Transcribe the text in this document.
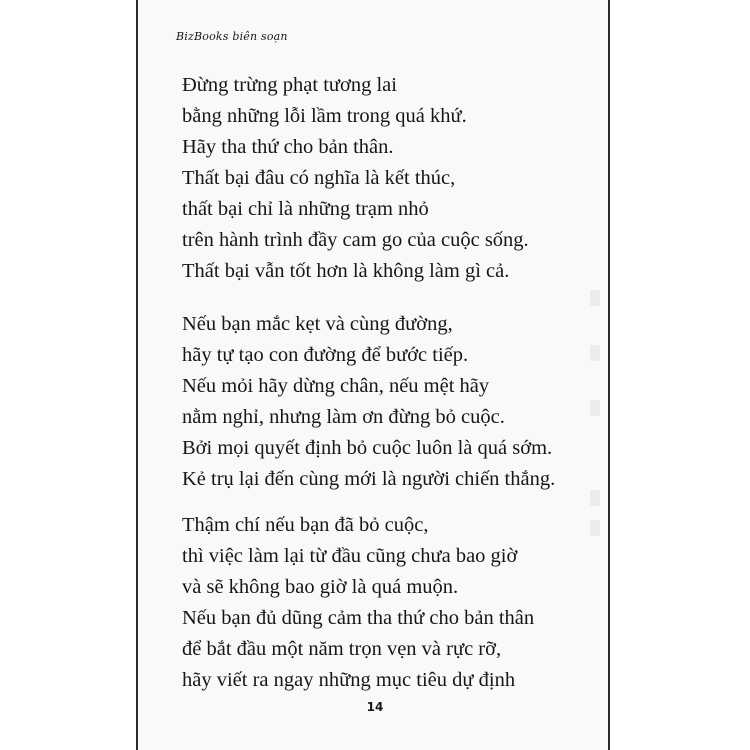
BizBooks biên soạn
Đừng trừng phạt tương lai
bằng những lỗi lầm trong quá khứ.
Hãy tha thứ cho bản thân.
Thất bại đâu có nghĩa là kết thúc,
thất bại chỉ là những trạm nhỏ
trên hành trình đầy cam go của cuộc sống.
Thất bại vẫn tốt hơn là không làm gì cả.
Nếu bạn mắc kẹt và cùng đường,
hãy tự tạo con đường để bước tiếp.
Nếu mỏi hãy dừng chân, nếu mệt hãy
nằm nghỉ, nhưng làm ơn đừng bỏ cuộc.
Bởi mọi quyết định bỏ cuộc luôn là quá sớm.
Kẻ trụ lại đến cùng mới là người chiến thắng.
Thậm chí nếu bạn đã bỏ cuộc,
thì việc làm lại từ đầu cũng chưa bao giờ
và sẽ không bao giờ là quá muộn.
Nếu bạn đủ dũng cảm tha thứ cho bản thân
để bắt đầu một năm trọn vẹn và rực rỡ,
hãy viết ra ngay những mục tiêu dự định
14
